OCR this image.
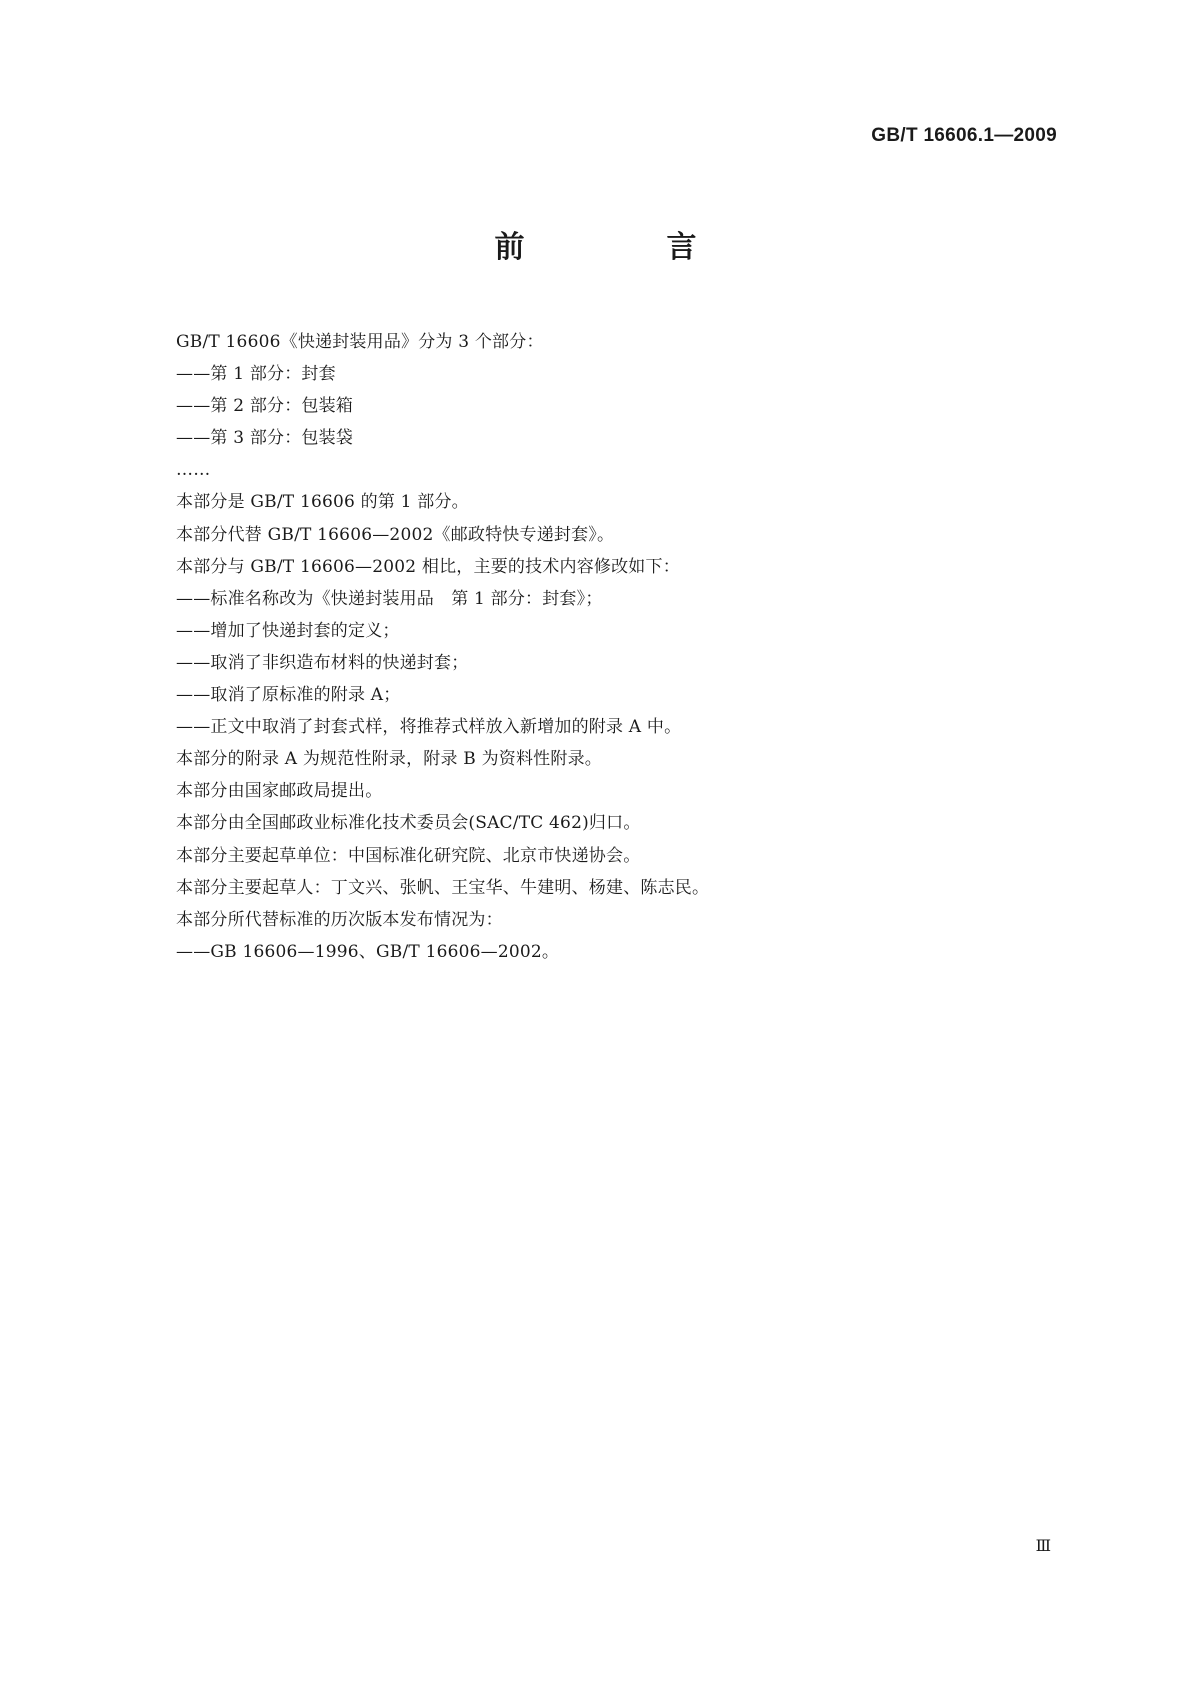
GB/T 16606.1—2009
前　言
GB/T 16606《快递封装用品》分为 3 个部分：
——第 1 部分：封套
——第 2 部分：包装箱
——第 3 部分：包装袋
……
本部分是 GB/T 16606 的第 1 部分。
本部分代替 GB/T 16606—2002《邮政特快专递封套》。
本部分与 GB/T 16606—2002 相比，主要的技术内容修改如下：
——标准名称改为《快递封装用品　第 1 部分：封套》；
——增加了快递封套的定义；
——取消了非织造布材料的快递封套；
——取消了原标准的附录 A；
——正文中取消了封套式样，将推荐式样放入新增加的附录 A 中。
本部分的附录 A 为规范性附录，附录 B 为资料性附录。
本部分由国家邮政局提出。
本部分由全国邮政业标准化技术委员会(SAC/TC 462)归口。
本部分主要起草单位：中国标准化研究院、北京市快递协会。
本部分主要起草人：丁文兴、张帆、王宝华、牛建明、杨建、陈志民。
本部分所代替标准的历次版本发布情况为：
——GB 16606—1996、GB/T 16606—2002。
Ⅲ
